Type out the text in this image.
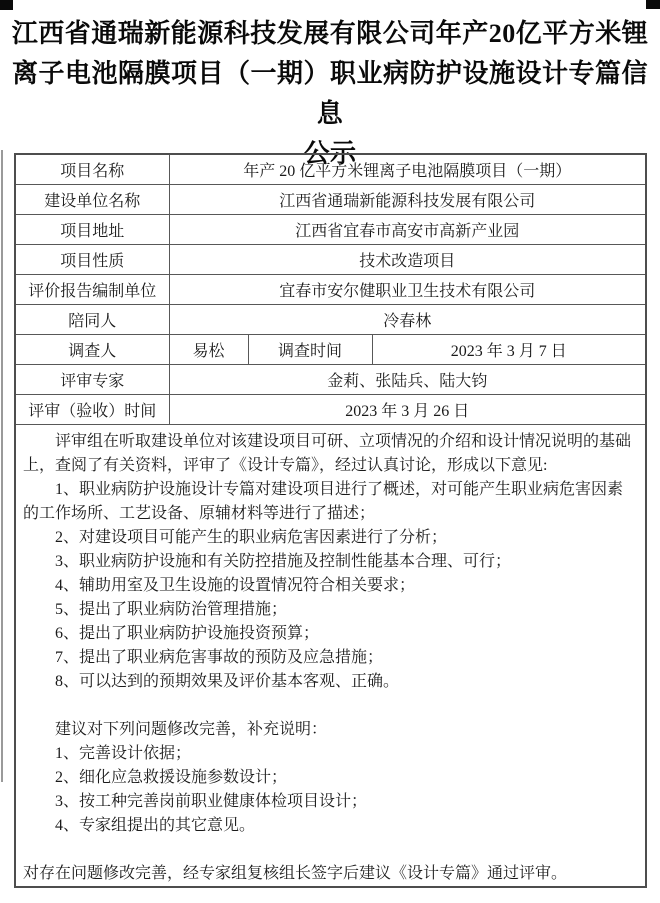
江西省通瑞新能源科技发展有限公司年产20亿平方米锂
离子电池隔膜项目（一期）职业病防护设施设计专篇信息
公示
项目名称	年产 20 亿平方米锂离子电池隔膜项目（一期）		
建设单位名称	江西省通瑞新能源科技发展有限公司		
项目地址	江西省宜春市高安市高新产业园		
项目性质	技术改造项目		
评价报告编制单位	宜春市安尔健职业卫生技术有限公司		
陪同人	冷春林		
调查人	易松	调查时间	2023 年 3 月 7 日
评审专家	金莉、张陆兵、陆大钧		
评审（验收）时间	2023 年 3 月 26 日		

评审组在听取建设单位对该建设项目可研、立项情况的介绍和设计情况说明的基础上，查阅了有关资料，评审了《设计专篇》，经过认真讨论，形成以下意见:

1、职业病防护设施设计专篇对建设项目进行了概述，对可能产生职业病危害因素的工作场所、工艺设备、原辅材料等进行了描述；

2、对建设项目可能产生的职业病危害因素进行了分析；

3、职业病防护设施和有关防控措施及控制性能基本合理、可行；

4、辅助用室及卫生设施的设置情况符合相关要求；

5、提出了职业病防治管理措施；

6、提出了职业病防护设施投资预算；

7、提出了职业病危害事故的预防及应急措施；

8、可以达到的预期效果及评价基本客观、正确。

建议对下列问题修改完善，补充说明：

1、完善设计依据；

2、细化应急救援设施参数设计；

3、按工种完善岗前职业健康体检项目设计；

4、专家组提出的其它意见。

对存在问题修改完善，经专家组复核组长签字后建议《设计专篇》通过评审。
